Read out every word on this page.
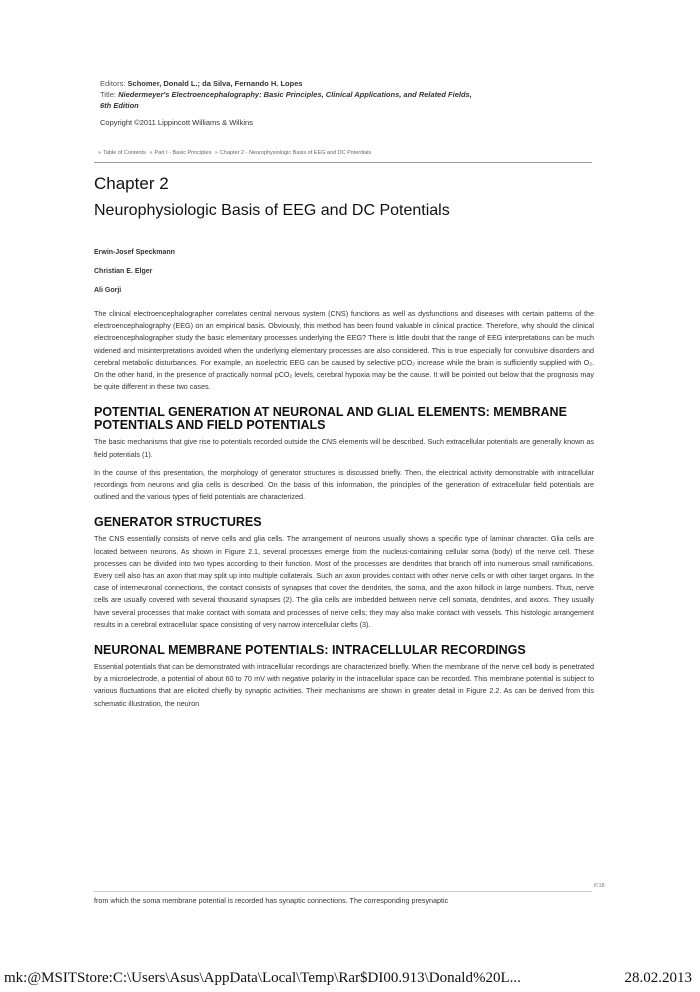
Editors: Schomer, Donald L.; da Silva, Fernando H. Lopes
Title: Niedermeyer's Electroencephalography: Basic Principles, Clinical Applications, and Related Fields,
6th Edition
Copyright ©2011 Lippincott Williams & Wilkins
» Table of Contents » Part I - Basic Principles » Chapter 2 - Neurophysiologic Basis of EEG and DC Potentials
Chapter 2
Neurophysiologic Basis of EEG and DC Potentials
Erwin-Josef Speckmann
Christian E. Elger
Ali Gorji

The clinical electroencephalographer correlates central nervous system (CNS) functions as well as dysfunctions and diseases with certain patterns of the electroencephalography (EEG) on an empirical basis. Obviously, this method has been found valuable in clinical practice. Therefore, why should the clinical electroencephalographer study the basic elementary processes underlying the EEG? There is little doubt that the range of EEG interpretations can be much widened and misinterpretations avoided when the underlying elementary processes are also considered. This is true especially for convulsive disorders and cerebral metabolic disturbances. For example, an isoelectric EEG can be caused by selective pCO₂ increase while the brain is sufficiently supplied with O₂. On the other hand, in the presence of practically normal pCO₂ levels, cerebral hypoxia may be the cause. It will be pointed out below that the prognosis may be quite different in these two cases.

POTENTIAL GENERATION AT NEURONAL AND GLIAL ELEMENTS: MEMBRANE POTENTIALS AND FIELD POTENTIALS

The basic mechanisms that give rise to potentials recorded outside the CNS elements will be described. Such extracellular potentials are generally known as field potentials (1).

In the course of this presentation, the morphology of generator structures is discussed briefly. Then, the electrical activity demonstrable with intracellular recordings from neurons and glia cells is described. On the basis of this information, the principles of the generation of extracellular field potentials are outlined and the various types of field potentials are characterized.

GENERATOR STRUCTURES

The CNS essentially consists of nerve cells and glia cells. The arrangement of neurons usually shows a specific type of laminar character. Glia cells are located between neurons. As shown in Figure 2.1, several processes emerge from the nucleus-containing cellular soma (body) of the nerve cell. These processes can be divided into two types according to their function. Most of the processes are dendrites that branch off into numerous small ramifications. Every cell also has an axon that may split up into multiple collaterals. Such an axon provides contact with other nerve cells or with other target organs. In the case of interneuronal connections, the contact consists of synapses that cover the dendrites, the soma, and the axon hillock in large numbers. Thus, nerve cells are usually covered with several thousand synapses (2). The glia cells are imbedded between nerve cell somata, dendrites, and axons. They usually have several processes that make contact with somata and processes of nerve cells; they may also make contact with vessels. This histologic arrangement results in a cerebral extracellular space consisting of very narrow intercellular clefts (3).

NEURONAL MEMBRANE POTENTIALS: INTRACELLULAR RECORDINGS

Essential potentials that can be demonstrated with intracellular recordings are characterized briefly. When the membrane of the nerve cell body is penetrated by a microelectrode, a potential of about 60 to 70 mV with negative polarity in the intracellular space can be recorded. This membrane potential is subject to various fluctuations that are elicited chiefly by synaptic activities. Their mechanisms are shown in greater detail in Figure 2.2. As can be derived from this schematic illustration, the neuron

P.18
from which the soma membrane potential is recorded has synaptic connections. The corresponding presynaptic
mk:@MSITStore:C:\Users\Asus\AppData\Local\Temp\Rar$DI00.913\Donald%20L...	28.02.2013
